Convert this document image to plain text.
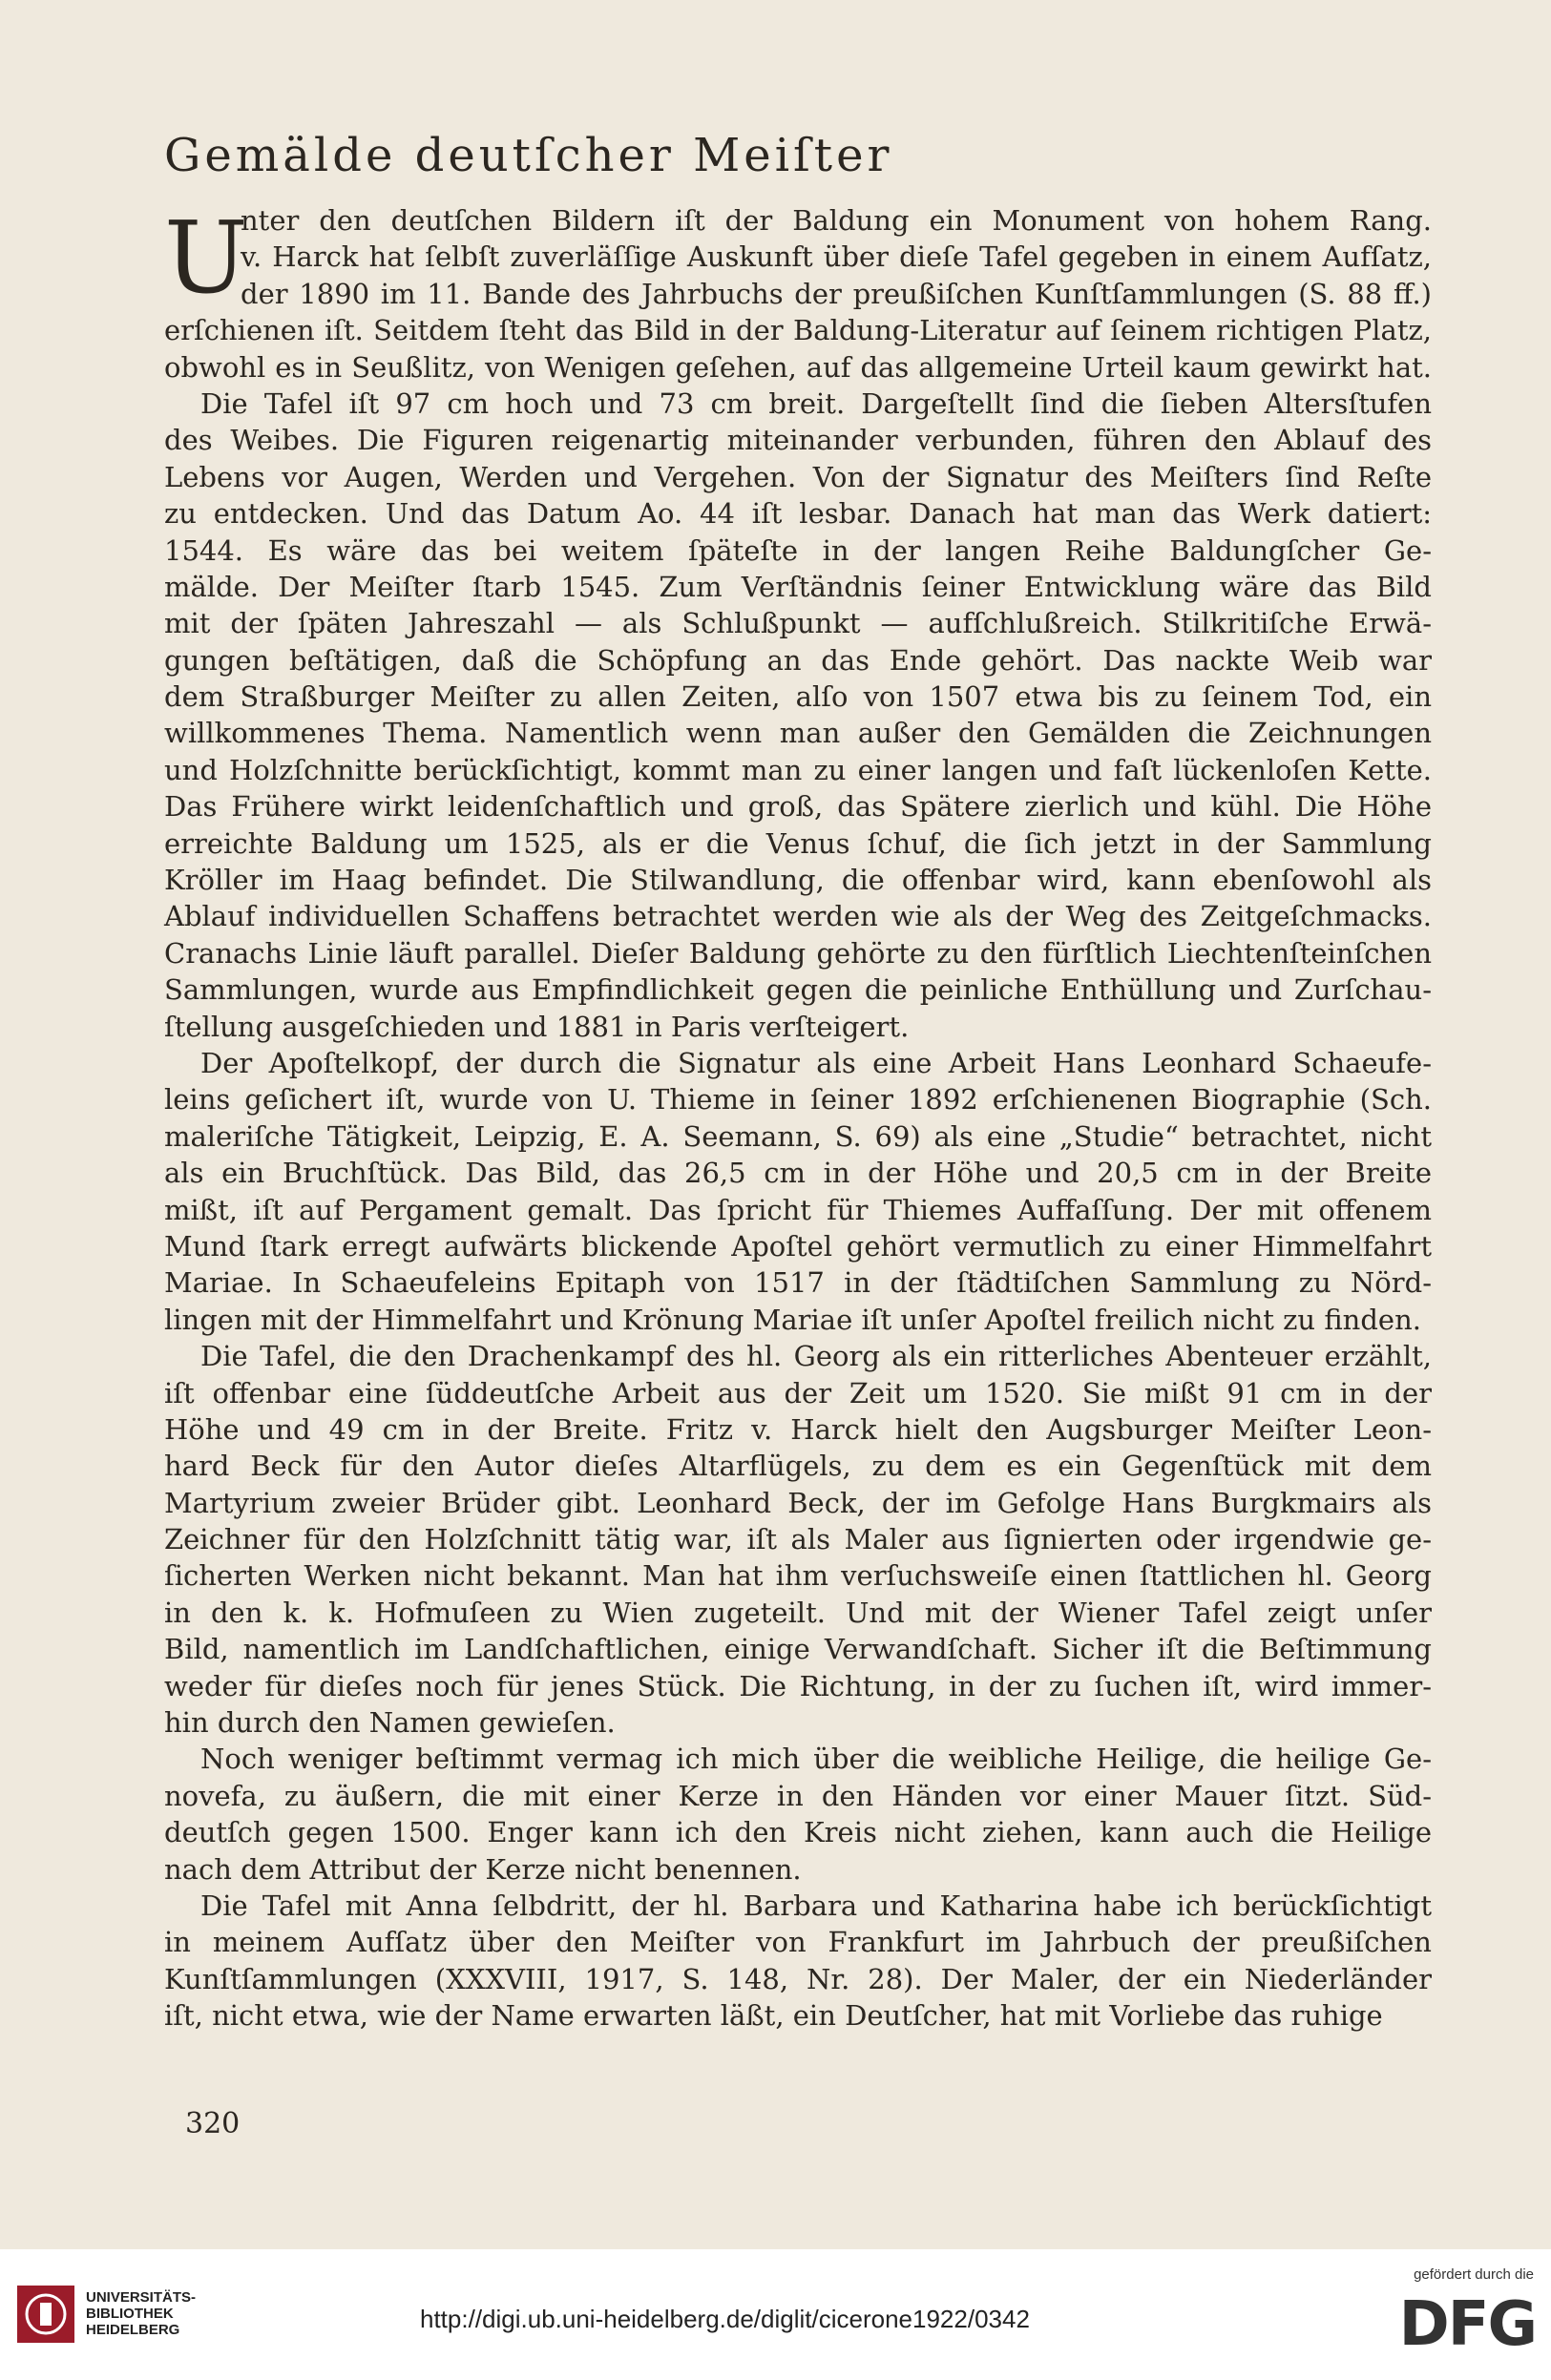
Gemälde deutſcher Meiſter
U
nter den deutſchen Bildern iſt der Baldung ein Monument von hohem Rang.
v. Harck hat ſelbſt zuverläſſige Auskunft über dieſe Tafel gegeben in einem Aufſatz,
der 1890 im 11. Bande des Jahrbuchs der preußiſchen Kunſtſammlungen (S. 88 ff.)
erſchienen iſt. Seitdem ſteht das Bild in der Baldung-Literatur auf ſeinem richtigen Platz,
obwohl es in Seußlitz, von Wenigen geſehen, auf das allgemeine Urteil kaum gewirkt hat.
Die Tafel iſt 97 cm hoch und 73 cm breit. Dargeſtellt ſind die ſieben Altersſtufen
des Weibes. Die Figuren reigenartig miteinander verbunden, führen den Ablauf des
Lebens vor Augen, Werden und Vergehen. Von der Signatur des Meiſters ſind Reſte
zu entdecken. Und das Datum Ao. 44 iſt lesbar. Danach hat man das Werk datiert:
1544. Es wäre das bei weitem ſpäteſte in der langen Reihe Baldungſcher Ge-
mälde. Der Meiſter ſtarb 1545. Zum Verſtändnis ſeiner Entwicklung wäre das Bild
mit der ſpäten Jahreszahl — als Schlußpunkt — aufſchlußreich. Stilkritiſche Erwä-
gungen beſtätigen, daß die Schöpfung an das Ende gehört. Das nackte Weib war
dem Straßburger Meiſter zu allen Zeiten, alſo von 1507 etwa bis zu ſeinem Tod, ein
willkommenes Thema. Namentlich wenn man außer den Gemälden die Zeichnungen
und Holzſchnitte berückſichtigt, kommt man zu einer langen und faſt lückenloſen Kette.
Das Frühere wirkt leidenſchaftlich und groß, das Spätere zierlich und kühl. Die Höhe
erreichte Baldung um 1525, als er die Venus ſchuf, die ſich jetzt in der Sammlung
Kröller im Haag befindet. Die Stilwandlung, die offenbar wird, kann ebenſowohl als
Ablauf individuellen Schaffens betrachtet werden wie als der Weg des Zeitgeſchmacks.
Cranachs Linie läuft parallel. Dieſer Baldung gehörte zu den fürſtlich Liechtenſteinſchen
Sammlungen, wurde aus Empfindlichkeit gegen die peinliche Enthüllung und Zurſchau-
ſtellung ausgeſchieden und 1881 in Paris verſteigert.
Der Apoſtelkopf, der durch die Signatur als eine Arbeit Hans Leonhard Schaeufe-
leins geſichert iſt, wurde von U. Thieme in ſeiner 1892 erſchienenen Biographie (Sch.
maleriſche Tätigkeit, Leipzig, E. A. Seemann, S. 69) als eine „Studie“ betrachtet, nicht
als ein Bruchſtück. Das Bild, das 26,5 cm in der Höhe und 20,5 cm in der Breite
mißt, iſt auf Pergament gemalt. Das ſpricht für Thiemes Auffaſſung. Der mit offenem
Mund ſtark erregt aufwärts blickende Apoſtel gehört vermutlich zu einer Himmelfahrt
Mariae. In Schaeufeleins Epitaph von 1517 in der ſtädtiſchen Sammlung zu Nörd-
lingen mit der Himmelfahrt und Krönung Mariae iſt unſer Apoſtel freilich nicht zu finden.
Die Tafel, die den Drachenkampf des hl. Georg als ein ritterliches Abenteuer erzählt,
iſt offenbar eine ſüddeutſche Arbeit aus der Zeit um 1520. Sie mißt 91 cm in der
Höhe und 49 cm in der Breite. Fritz v. Harck hielt den Augsburger Meiſter Leon-
hard Beck für den Autor dieſes Altarflügels, zu dem es ein Gegenſtück mit dem
Martyrium zweier Brüder gibt. Leonhard Beck, der im Gefolge Hans Burgkmairs als
Zeichner für den Holzſchnitt tätig war, iſt als Maler aus ſignierten oder irgendwie ge-
ſicherten Werken nicht bekannt. Man hat ihm verſuchsweiſe einen ſtattlichen hl. Georg
in den k. k. Hofmuſeen zu Wien zugeteilt. Und mit der Wiener Tafel zeigt unſer
Bild, namentlich im Landſchaftlichen, einige Verwandſchaft. Sicher iſt die Beſtimmung
weder für dieſes noch für jenes Stück. Die Richtung, in der zu ſuchen iſt, wird immer-
hin durch den Namen gewieſen.
Noch weniger beſtimmt vermag ich mich über die weibliche Heilige, die heilige Ge-
novefa, zu äußern, die mit einer Kerze in den Händen vor einer Mauer ſitzt. Süd-
deutſch gegen 1500. Enger kann ich den Kreis nicht ziehen, kann auch die Heilige
nach dem Attribut der Kerze nicht benennen.
Die Tafel mit Anna ſelbdritt, der hl. Barbara und Katharina habe ich berückſichtigt
in meinem Aufſatz über den Meiſter von Frankfurt im Jahrbuch der preußiſchen
Kunſtſammlungen (XXXVIII, 1917, S. 148, Nr. 28). Der Maler, der ein Niederländer
iſt, nicht etwa, wie der Name erwarten läßt, ein Deutſcher, hat mit Vorliebe das ruhige
320
UNIVERSITÄTS-
BIBLIOTHEK
HEIDELBERG	http://digi.ub.uni-heidelberg.de/diglit/cicerone1922/0342
gefördert durch die
DFG
